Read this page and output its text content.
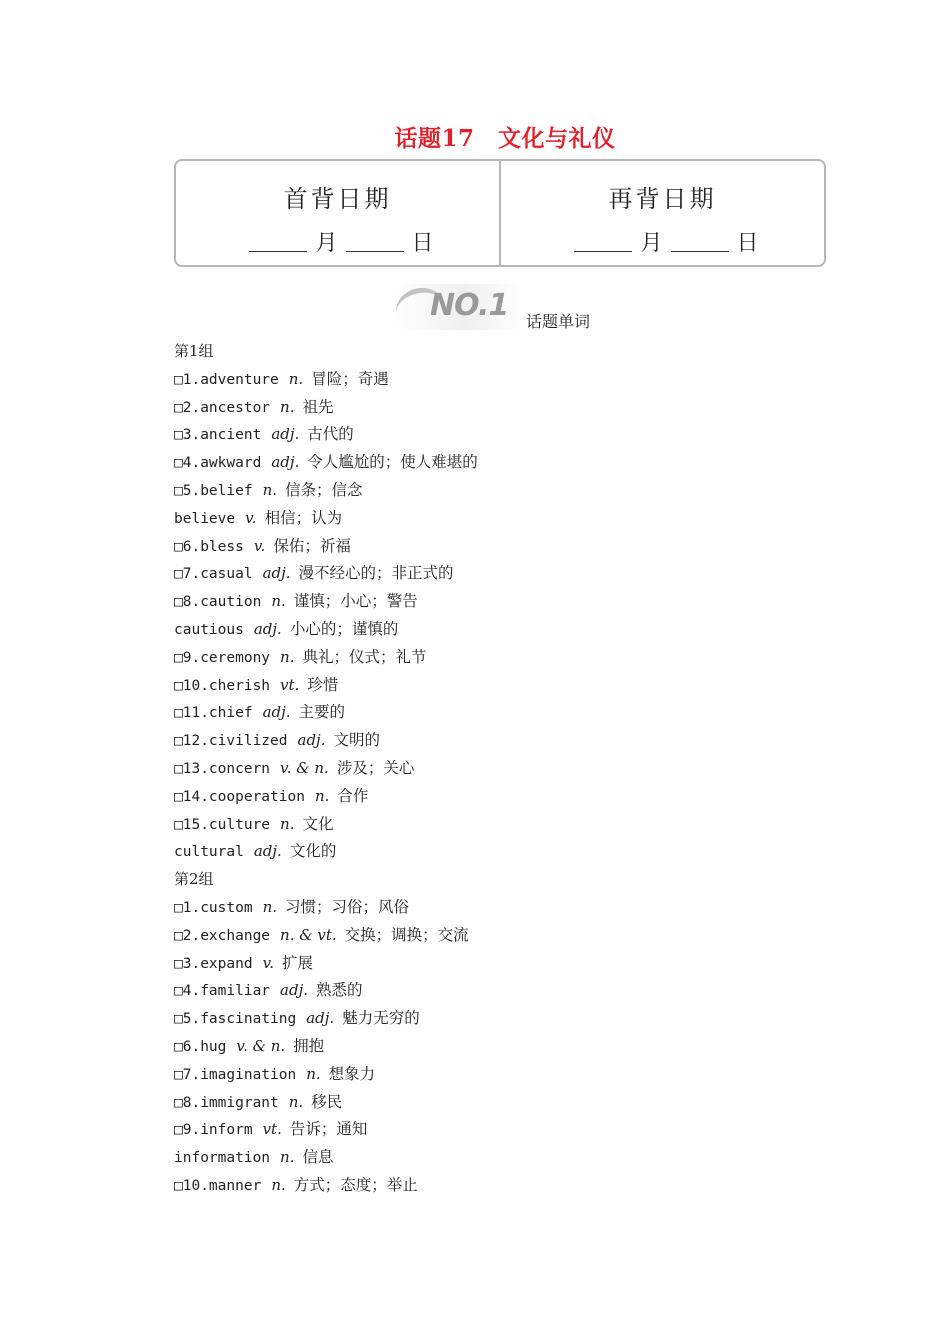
话题17　文化与礼仪
首背日期
月	日
再背日期
月	日
NO.1 话题单词
第1组
□1.adventure n. 冒险；奇遇
□2.ancestor n. 祖先
□3.ancient adj. 古代的
□4.awkward adj. 令人尴尬的；使人难堪的
□5.belief n. 信条；信念
believe v. 相信；认为
□6.bless v. 保佑；祈福
□7.casual adj. 漫不经心的；非正式的
□8.caution n. 谨慎；小心；警告
cautious adj. 小心的；谨慎的
□9.ceremony n. 典礼；仪式；礼节
□10.cherish vt. 珍惜
□11.chief adj. 主要的
□12.civilized adj. 文明的
□13.concern v. & n. 涉及；关心
□14.cooperation n. 合作
□15.culture n. 文化
cultural adj. 文化的
第2组
□1.custom n. 习惯；习俗；风俗
□2.exchange n. & vt. 交换；调换；交流
□3.expand v. 扩展
□4.familiar adj. 熟悉的
□5.fascinating adj. 魅力无穷的
□6.hug v. & n. 拥抱
□7.imagination n. 想象力
□8.immigrant n. 移民
□9.inform vt. 告诉；通知
information n. 信息
□10.manner n. 方式；态度；举止
